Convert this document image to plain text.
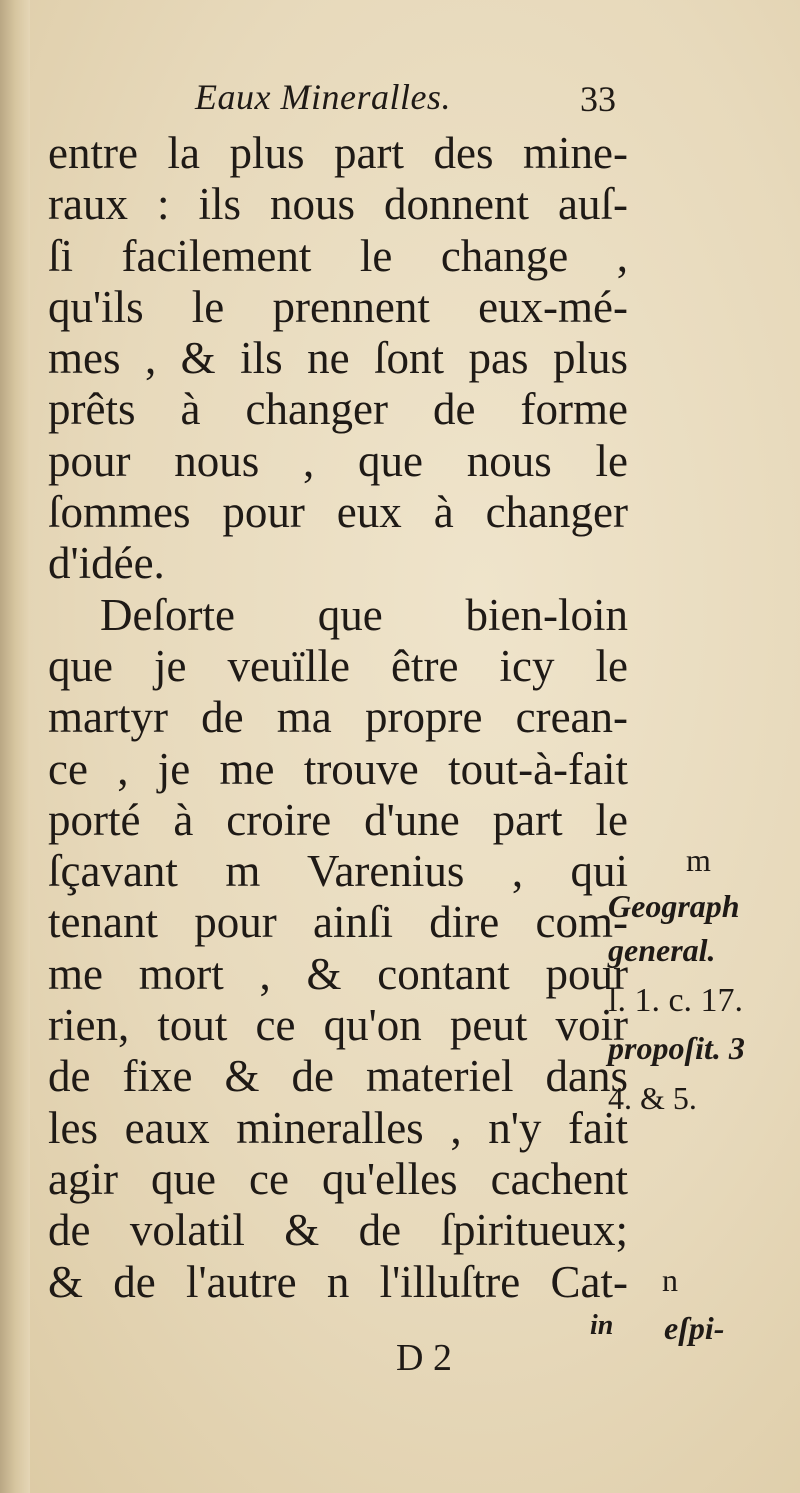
Eaux Mineralles.	33
entre la plus part des mine-
raux : ils nous donnent auſ-
ſi facilement le change ,
qu'ils le prennent eux-mé-
mes , & ils ne ſont pas plus
prêts à changer de forme
pour nous , que nous le
ſommes pour eux à changer
d'idée.
Deſorte que bien-loin
que je veuïlle être icy le
martyr de ma propre crean-
ce , je me trouve tout-à-fait
porté à croire d'une part le
ſçavant m Varenius , qui
tenant pour ainſi dire com-
me mort , & contant pour
rien, tout ce qu'on peut voir
de fixe & de materiel dans
les eaux mineralles , n'y fait
agir que ce qu'elles cachent
de volatil & de ſpiritueux;
& de l'autre n l'illuſtre Cat-
m
Geograph
general.
l. 1. c. 17.
propoſit. 3
4. & 5.
n
in eſpi-
D 2
